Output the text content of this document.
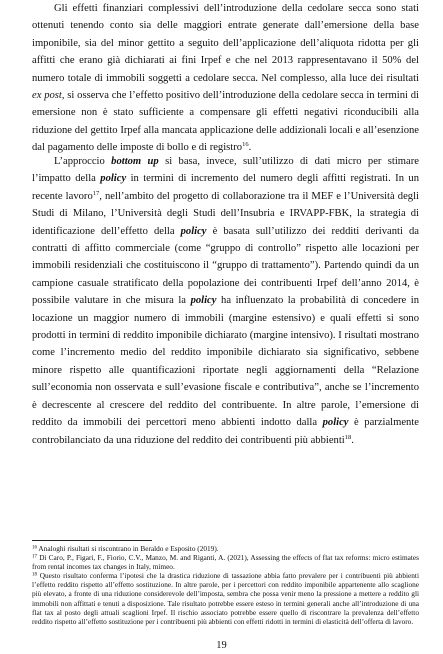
Gli effetti finanziari complessivi dell’introduzione della cedolare secca sono stati ottenuti tenendo conto sia delle maggiori entrate generate dall’emersione della base imponibile, sia del minor gettito a seguito dell’applicazione dell’aliquota ridotta per gli affitti che erano già dichiarati ai fini Irpef e che nel 2013 rappresentavano il 50% del numero totale di immobili soggetti a cedolare secca. Nel complesso, alla luce dei risultati ex post, si osserva che l’effetto positivo dell’introduzione della cedolare secca in termini di emersione non è stato sufficiente a compensare gli effetti negativi riconducibili alla riduzione del gettito Irpef alla mancata applicazione delle addizionali locali e all’esenzione dal pagamento delle imposte di bollo e di registro$^{16}$.

L’approccio bottom up si basa, invece, sull’utilizzo di dati micro per stimare l’impatto della policy in termini di incremento del numero degli affitti registrati. In un recente lavoro$^{17}$, nell’ambito del progetto di collaborazione tra il MEF e l’Università degli Studi di Milano, l’Università degli Studi dell’Insubria e IRVAPP-FBK, la strategia di identificazione dell’effetto della policy è basata sull’utilizzo dei redditi derivanti da contratti di affitto commerciale (come “gruppo di controllo” rispetto alle locazioni per immobili residenziali che costituiscono il “gruppo di trattamento”). Partendo quindi da un campione casuale stratificato della popolazione dei contribuenti Irpef dell’anno 2014, è possibile valutare in che misura la policy ha influenzato la probabilità di concedere in locazione un maggior numero di immobili (margine estensivo) e quali effetti si sono prodotti in termini di reddito imponibile dichiarato (margine intensivo). I risultati mostrano come l’incremento medio del reddito imponibile dichiarato sia significativo, sebbene minore rispetto alle quantificazioni riportate negli aggiornamenti della “Relazione sull’economia non osservata e sull’evasione fiscale e contributiva”, anche se l’incremento è decrescente al crescere del reddito del contribuente. In altre parole, l’emersione di reddito da immobili dei percettori meno abbienti indotto dalla policy è parzialmente controbilanciato da una riduzione del reddito dei contribuenti più abbienti$^{18}$.

$^{16}$ Analoghi risultati si riscontrano in Beraldo e Esposito (2019).

$^{17}$ Di Caro, P., Figari, F., Fiorio, C.V., Manzo, M. and Riganti, A. (2021), Assessing the effects of flat tax reforms: micro estimates from rental incomes tax changes in Italy, mimeo.

$^{18}$ Questo risultato conferma l’ipotesi che la drastica riduzione di tassazione abbia fatto prevalere per i contribuenti più abbienti l’effetto reddito rispetto all’effetto sostituzione. In altre parole, per i percettori con reddito imponibile appartenente allo scaglione più elevato, a fronte di una riduzione considerevole dell’imposta, sembra che possa venir meno la pressione a mettere a reddito gli immobili non affittati e tenuti a disposizione. Tale risultato potrebbe essere esteso in termini generali anche all’introduzione di una flat tax al posto degli attuali scaglioni Irpef. Il rischio associato potrebbe essere quello di riscontrare la prevalenza dell’effetto reddito rispetto all’effetto sostituzione per i contribuenti più abbienti con effetti ridotti in termini di elasticità dell’offerta di lavoro.

19
